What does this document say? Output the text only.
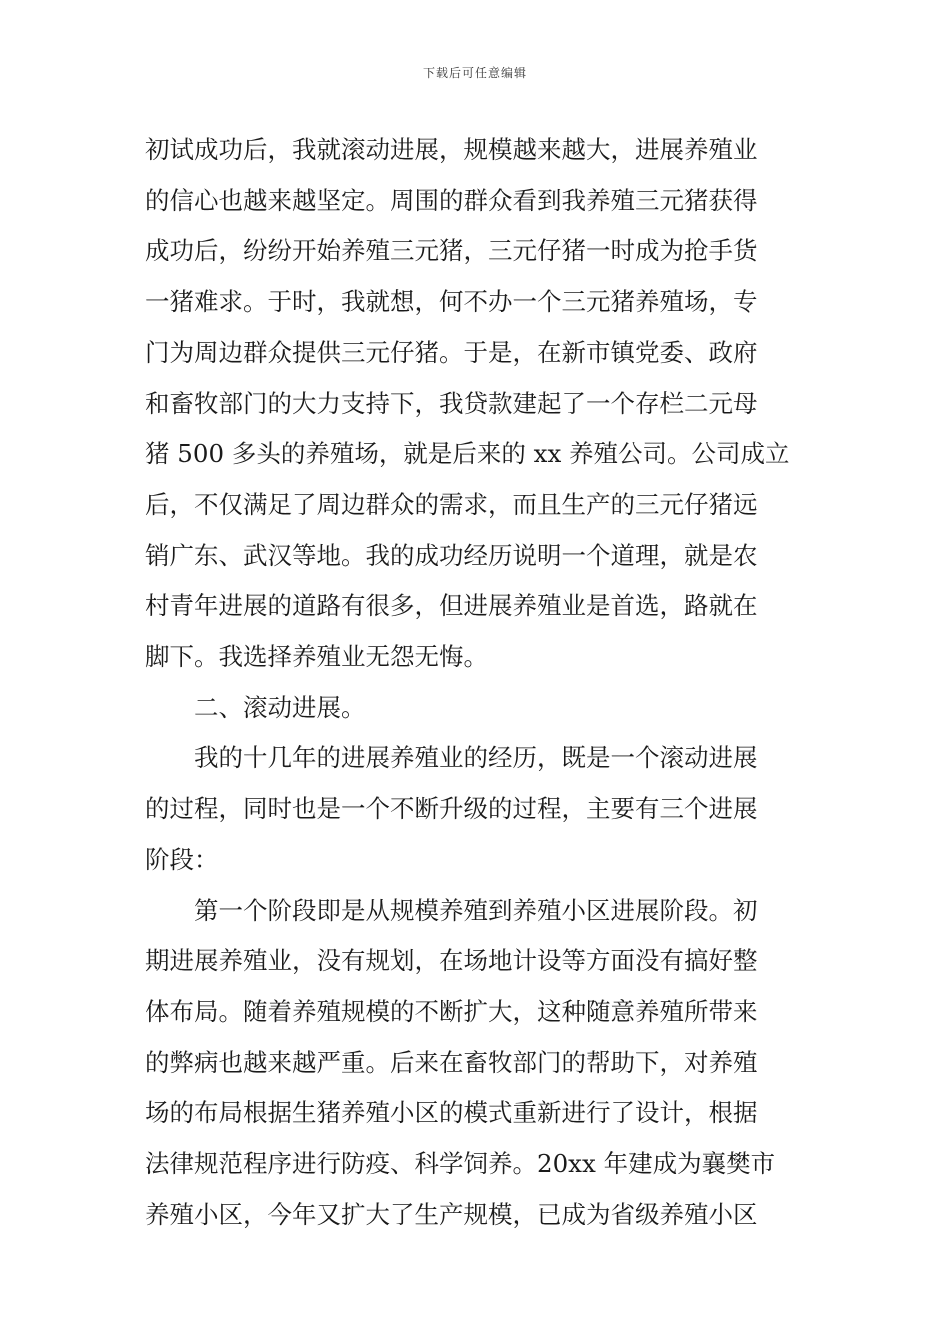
下载后可任意编辑

初试成功后，我就滚动进展，规模越来越大，进展养殖业
的信心也越来越坚定。周围的群众看到我养殖三元猪获得
成功后，纷纷开始养殖三元猪，三元仔猪一时成为抢手货
一猪难求。于时，我就想，何不办一个三元猪养殖场，专
门为周边群众提供三元仔猪。于是，在新市镇党委、政府
和畜牧部门的大力支持下，我贷款建起了一个存栏二元母
猪 500 多头的养殖场，就是后来的 xx 养殖公司。公司成立
后，不仅满足了周边群众的需求，而且生产的三元仔猪远
销广东、武汉等地。我的成功经历说明一个道理，就是农
村青年进展的道路有很多，但进展养殖业是首选，路就在
脚下。我选择养殖业无怨无悔。

二、滚动进展。

我的十几年的进展养殖业的经历，既是一个滚动进展
的过程，同时也是一个不断升级的过程，主要有三个进展
阶段：

第一个阶段即是从规模养殖到养殖小区进展阶段。初
期进展养殖业，没有规划，在场地计设等方面没有搞好整
体布局。随着养殖规模的不断扩大，这种随意养殖所带来
的弊病也越来越严重。后来在畜牧部门的帮助下，对养殖
场的布局根据生猪养殖小区的模式重新进行了设计，根据
法律规范程序进行防疫、科学饲养。20xx 年建成为襄樊市
养殖小区，今年又扩大了生产规模，已成为省级养殖小区
